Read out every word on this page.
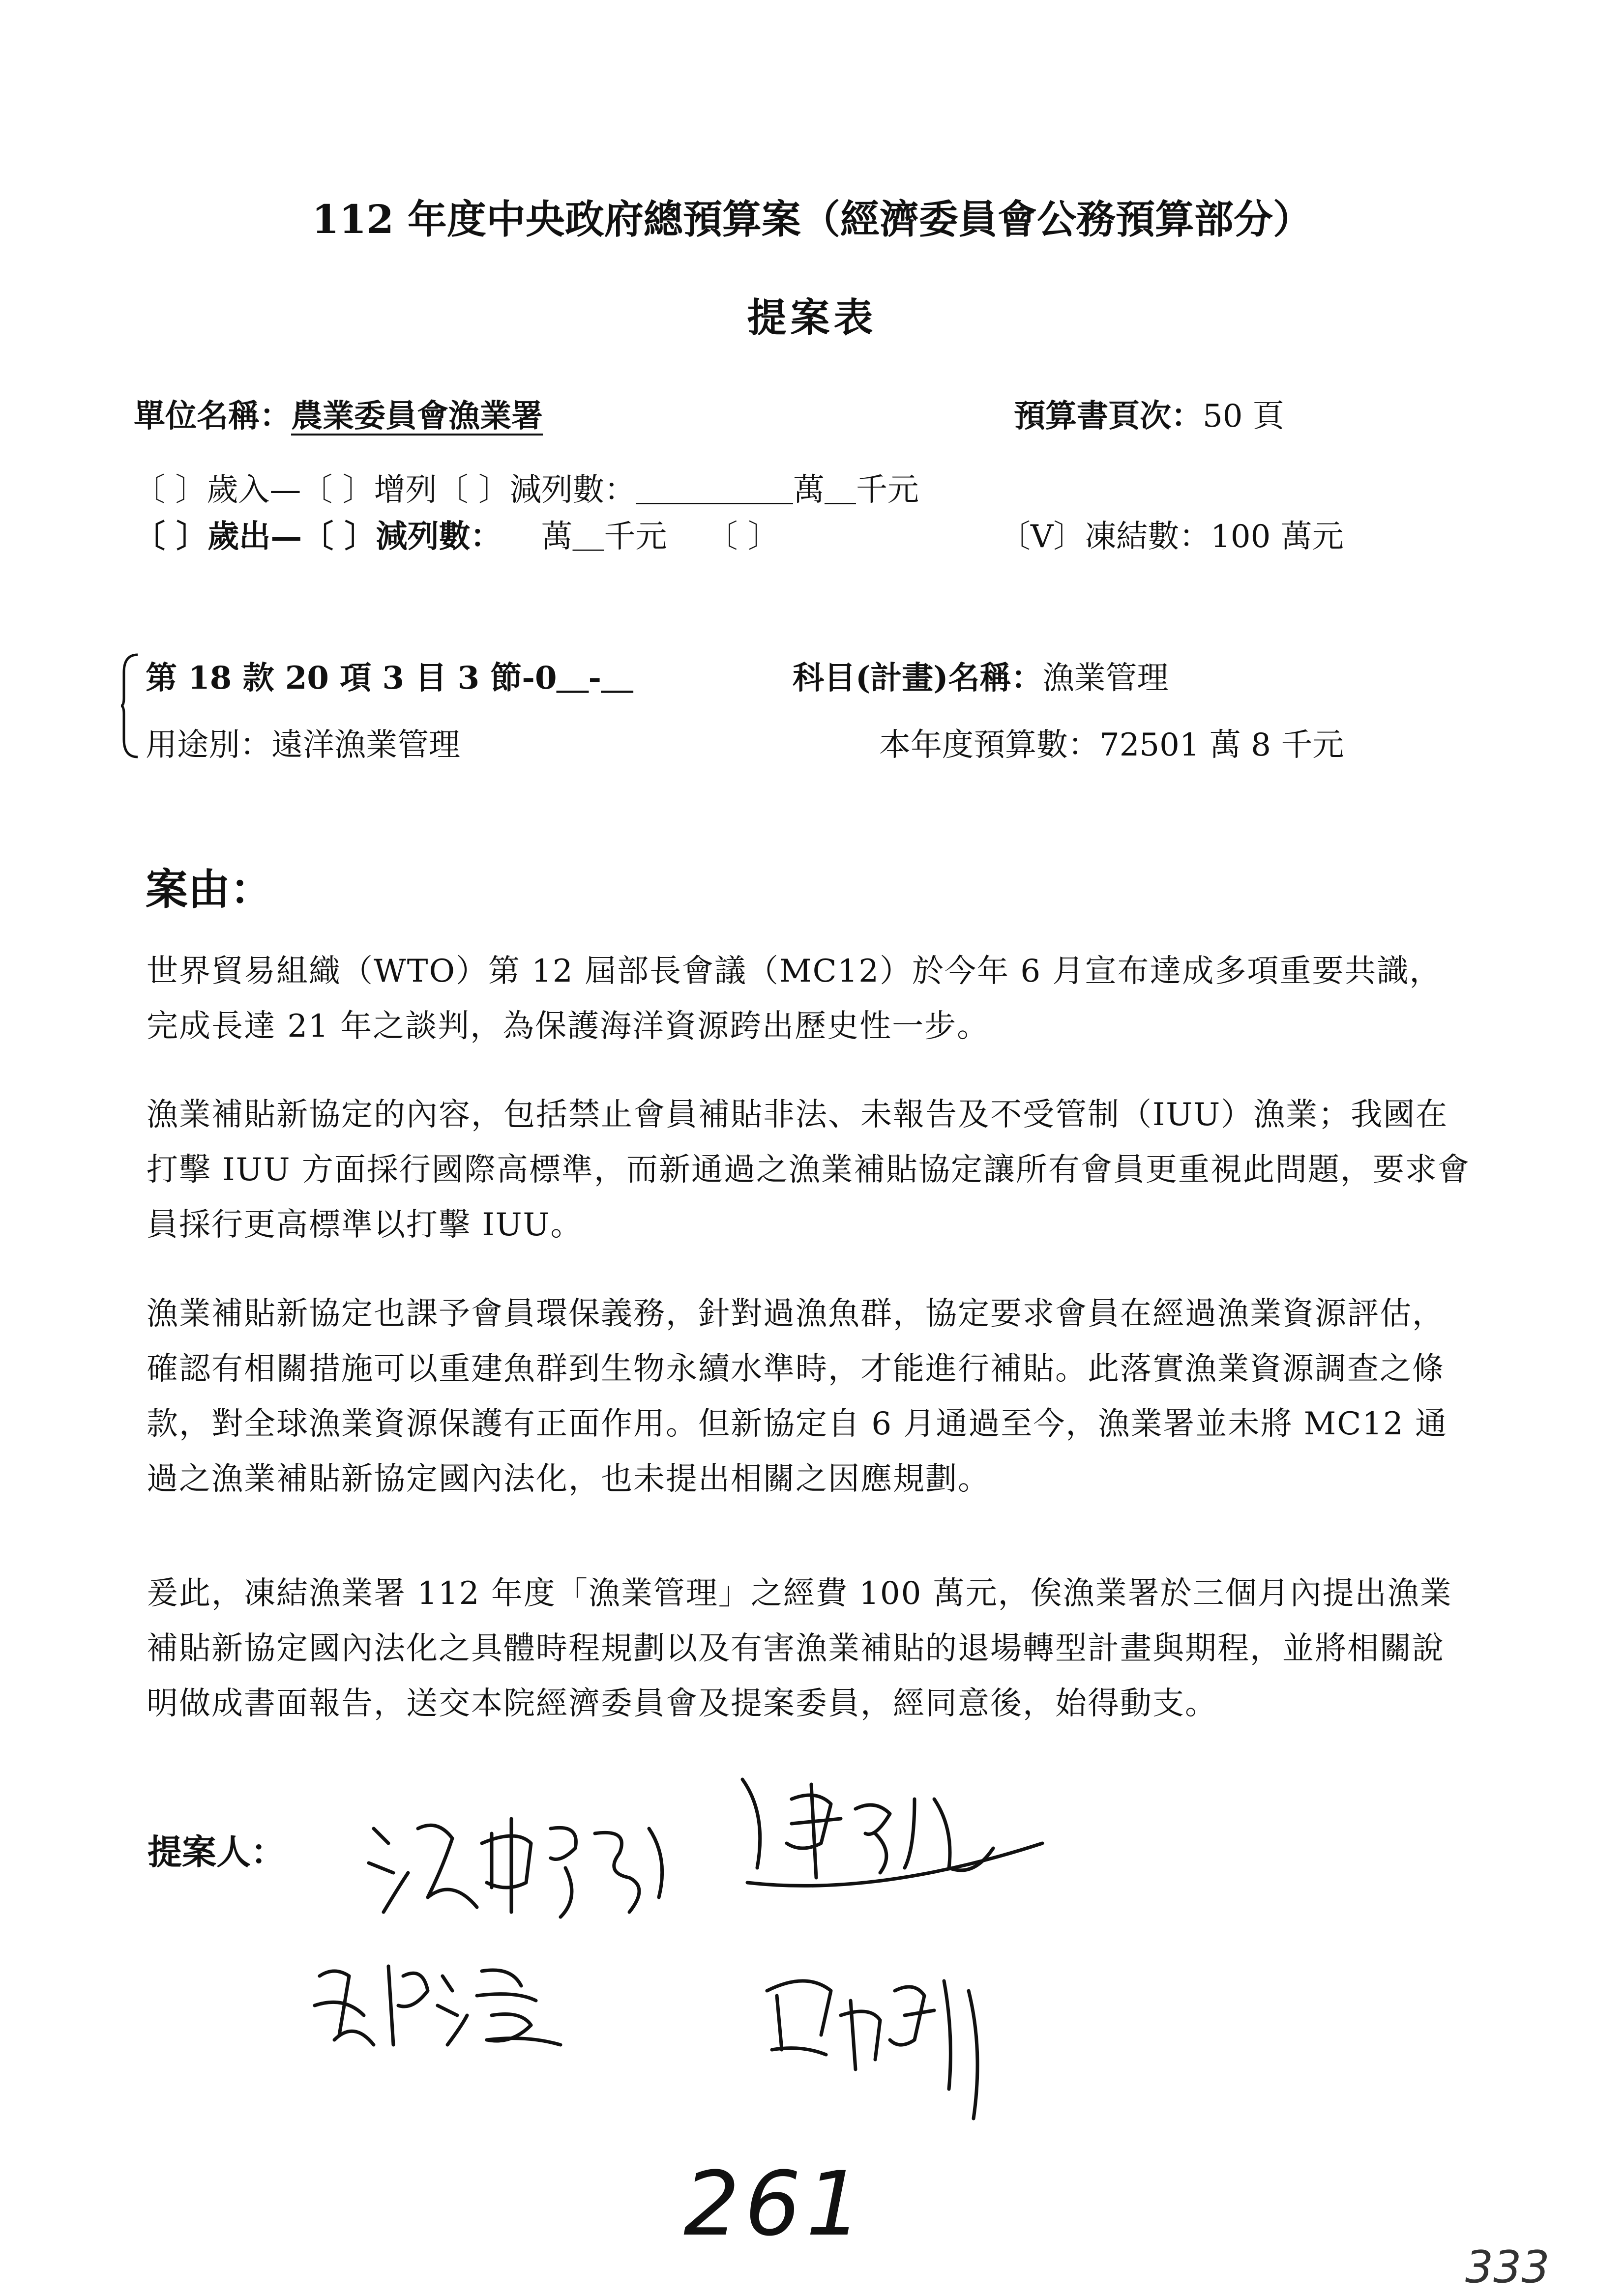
112 年度中央政府總預算案（經濟委員會公務預算部分）
提案表
單位名稱：農業委員會漁業署	預算書頁次：50 頁
〔 〕歲入—〔 〕增列〔 〕減列數：＿＿＿＿＿萬＿千元
〔 〕歲出—〔 〕減列數： 萬＿千元 〔 〕	〔V〕凍結數：100 萬元
第 18 款 20 項 3 目 3 節-0＿-＿	科目(計畫)名稱：漁業管理
用途別：遠洋漁業管理	本年度預算數：72501 萬 8 千元
案由：
世界貿易組織（WTO）第 12 屆部長會議（MC12）於今年 6 月宣布達成多項重要共識，完成長達 21 年之談判，為保護海洋資源跨出歷史性一步。
漁業補貼新協定的內容，包括禁止會員補貼非法、未報告及不受管制（IUU）漁業；我國在打擊 IUU 方面採行國際高標準，而新通過之漁業補貼協定讓所有會員更重視此問題，要求會員採行更高標準以打擊 IUU。
漁業補貼新協定也課予會員環保義務，針對過漁魚群，協定要求會員在經過漁業資源評估，確認有相關措施可以重建魚群到生物永續水準時，才能進行補貼。此落實漁業資源調查之條款，對全球漁業資源保護有正面作用。但新協定自 6 月通過至今，漁業署並未將 MC12 通過之漁業補貼新協定國內法化，也未提出相關之因應規劃。
爰此，凍結漁業署 112 年度「漁業管理」之經費 100 萬元，俟漁業署於三個月內提出漁業補貼新協定國內法化之具體時程規劃以及有害漁業補貼的退場轉型計畫與期程，並將相關說明做成書面報告，送交本院經濟委員會及提案委員，經同意後，始得動支。
提案人：
261
333
